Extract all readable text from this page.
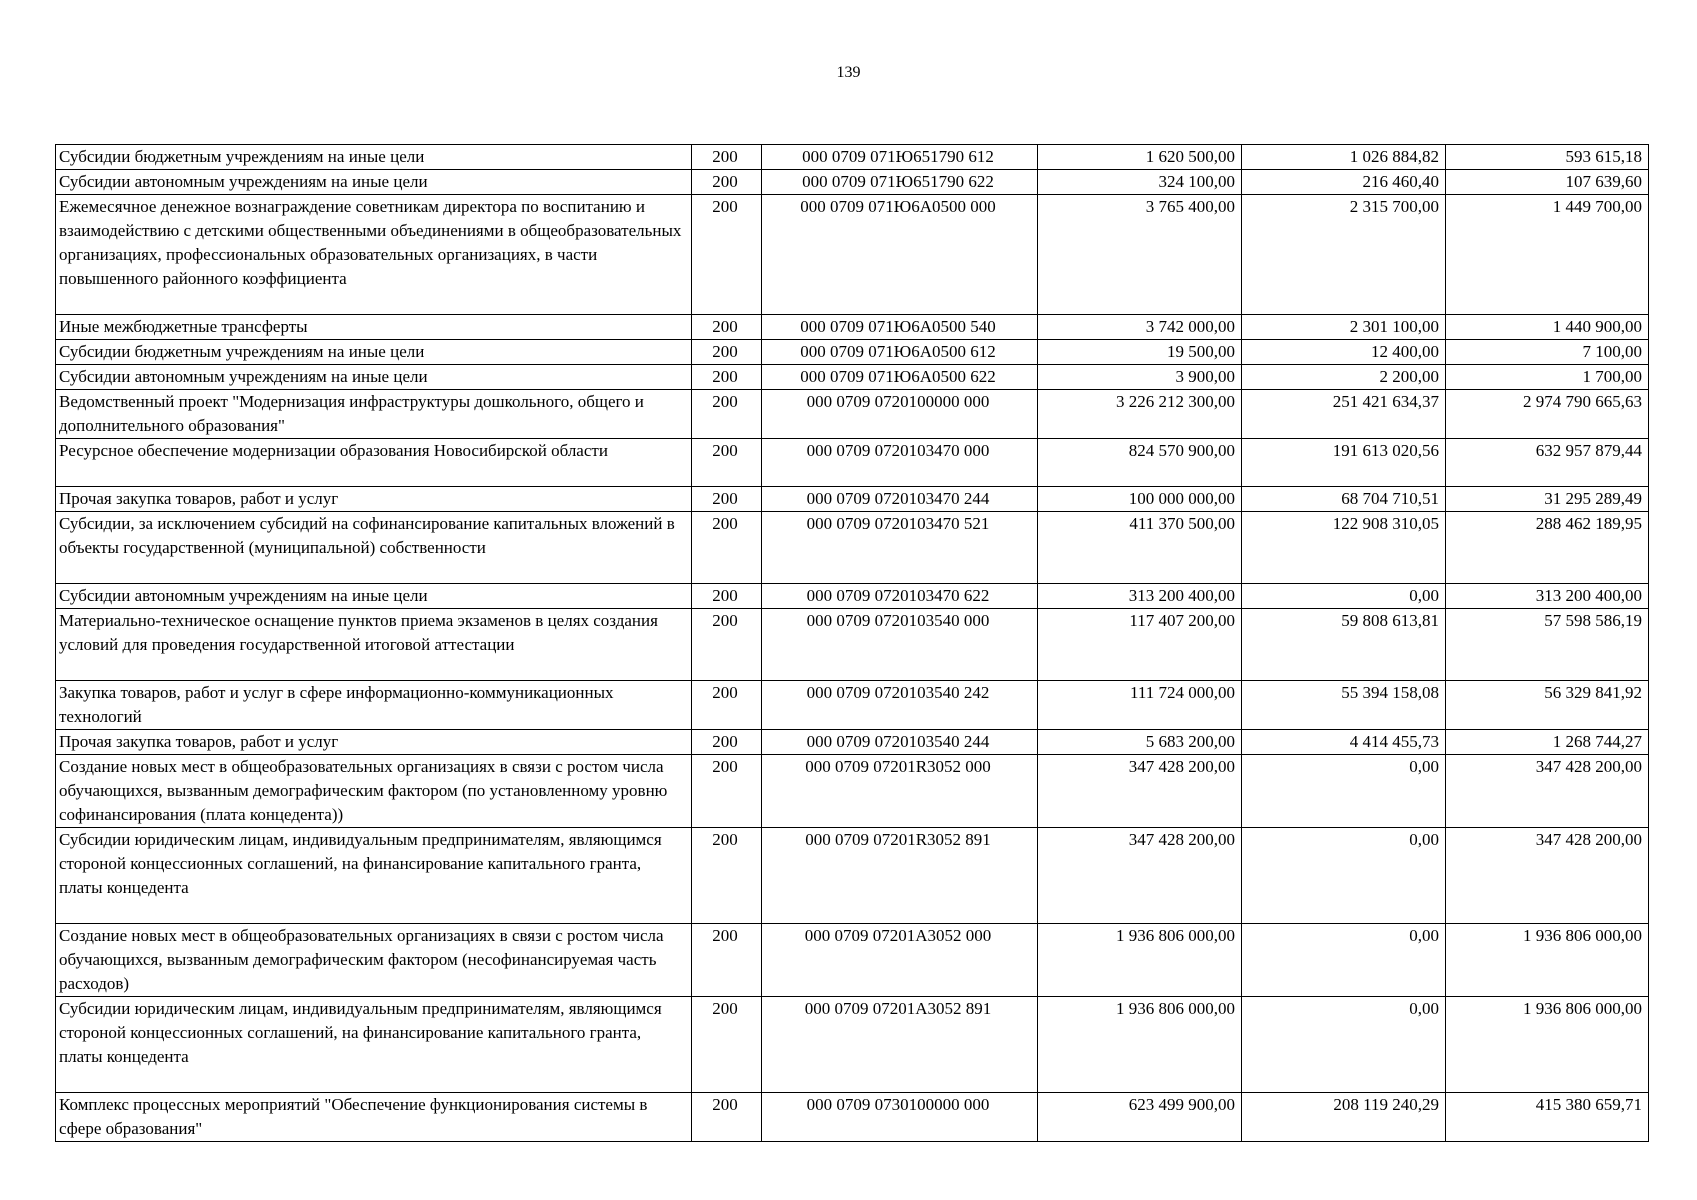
139
Субсидии бюджетным учреждениям на иные цели	200	000 0709 071Ю651790 612	1 620 500,00	1 026 884,82	593 615,18
Субсидии автономным учреждениям на иные цели	200	000 0709 071Ю651790 622	324 100,00	216 460,40	107 639,60
Ежемесячное денежное вознаграждение советникам директора по воспитанию и взаимодействию с детскими общественными объединениями в общеобразовательных организациях, профессиональных образовательных организациях, в части повышенного районного коэффициента	200	000 0709 071Ю6А0500 000	3 765 400,00	2 315 700,00	1 449 700,00
Иные межбюджетные трансферты	200	000 0709 071Ю6А0500 540	3 742 000,00	2 301 100,00	1 440 900,00
Субсидии бюджетным учреждениям на иные цели	200	000 0709 071Ю6А0500 612	19 500,00	12 400,00	7 100,00
Субсидии автономным учреждениям на иные цели	200	000 0709 071Ю6А0500 622	3 900,00	2 200,00	1 700,00
Ведомственный проект "Модернизация инфраструктуры дошкольного, общего и дополнительного образования"	200	000 0709 0720100000 000	3 226 212 300,00	251 421 634,37	2 974 790 665,63
Ресурсное обеспечение модернизации образования Новосибирской области	200	000 0709 0720103470 000	824 570 900,00	191 613 020,56	632 957 879,44
Прочая закупка товаров, работ и услуг	200	000 0709 0720103470 244	100 000 000,00	68 704 710,51	31 295 289,49
Субсидии, за исключением субсидий на софинансирование капитальных вложений в объекты государственной (муниципальной) собственности	200	000 0709 0720103470 521	411 370 500,00	122 908 310,05	288 462 189,95
Субсидии автономным учреждениям на иные цели	200	000 0709 0720103470 622	313 200 400,00	0,00	313 200 400,00
Материально-техническое оснащение пунктов приема экзаменов в целях создания условий для проведения государственной итоговой аттестации	200	000 0709 0720103540 000	117 407 200,00	59 808 613,81	57 598 586,19
Закупка товаров, работ и услуг в сфере информационно-коммуникационных технологий	200	000 0709 0720103540 242	111 724 000,00	55 394 158,08	56 329 841,92
Прочая закупка товаров, работ и услуг	200	000 0709 0720103540 244	5 683 200,00	4 414 455,73	1 268 744,27
Создание новых мест в общеобразовательных организациях в связи с ростом числа обучающихся, вызванным демографическим фактором (по установленному уровню софинансирования (плата концедента))	200	000 0709 07201R3052 000	347 428 200,00	0,00	347 428 200,00
Субсидии юридическим лицам, индивидуальным предпринимателям, являющимся стороной концессионных соглашений, на финансирование капитального гранта, платы концедента	200	000 0709 07201R3052 891	347 428 200,00	0,00	347 428 200,00
Создание новых мест в общеобразовательных организациях в связи с ростом числа обучающихся, вызванным демографическим фактором (несофинансируемая часть расходов)	200	000 0709 07201А3052 000	1 936 806 000,00	0,00	1 936 806 000,00
Субсидии юридическим лицам, индивидуальным предпринимателям, являющимся стороной концессионных соглашений, на финансирование капитального гранта, платы концедента	200	000 0709 07201А3052 891	1 936 806 000,00	0,00	1 936 806 000,00
Комплекс процессных мероприятий "Обеспечение функционирования системы в сфере образования"	200	000 0709 0730100000 000	623 499 900,00	208 119 240,29	415 380 659,71
